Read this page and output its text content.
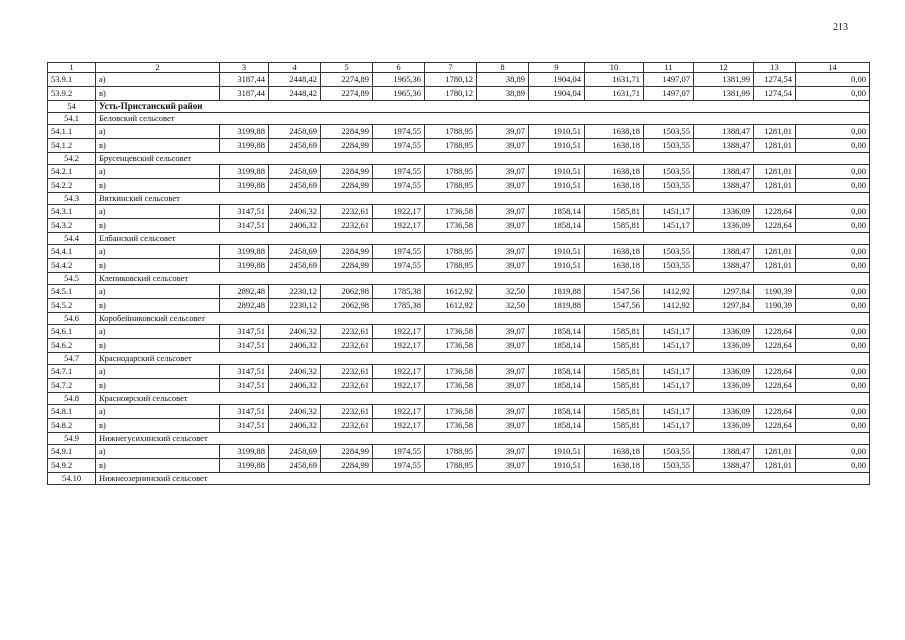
213
1	2	3	4	5	6	7	8	9	10	11	12	13	14
53.9.1	а)	3187,44	2448,42	2274,89	1965,36	1780,12	38,89	1904,04	1631,71	1497,07	1381,99	1274,54	0,00
53.9.2	в)	3187,44	2448,42	2274,89	1965,36	1780,12	38,89	1904,04	1631,71	1497,07	1381,99	1274,54	0,00
54	Усть-Пристанский район												
54.1	Беловский сельсовет												
54.1.1	а)	3199,88	2458,69	2284,99	1974,55	1788,95	39,07	1910,51	1638,18	1503,55	1388,47	1281,01	0,00
54.1.2	в)	3199,88	2458,69	2284,99	1974,55	1788,95	39,07	1910,51	1638,18	1503,55	1388,47	1281,01	0,00
54.2	Брусенцевский сельсовет												
54.2.1	а)	3199,88	2458,69	2284,99	1974,55	1788,95	39,07	1910,51	1638,18	1503,55	1388,47	1281,01	0,00
54.2.2	в)	3199,88	2458,69	2284,99	1974,55	1788,95	39,07	1910,51	1638,18	1503,55	1388,47	1281,01	0,00
54.3	Вяткинский сельсовет												
54.3.1	а)	3147,51	2406,32	2232,61	1922,17	1736,58	39,07	1858,14	1585,81	1451,17	1336,09	1228,64	0,00
54.3.2	в)	3147,51	2406,32	2232,61	1922,17	1736,58	39,07	1858,14	1585,81	1451,17	1336,09	1228,64	0,00
54.4	Елбанский сельсовет												
54.4.1	а)	3199,88	2458,69	2284,99	1974,55	1788,95	39,07	1910,51	1638,18	1503,55	1388,47	1281,01	0,00
54.4.2	в)	3199,88	2458,69	2284,99	1974,55	1788,95	39,07	1910,51	1638,18	1503,55	1388,47	1281,01	0,00
54.5	Клепиковский сельсовет												
54.5.1	а)	2892,48	2230,12	2062,98	1785,38	1612,92	32,50	1819,88	1547,56	1412,92	1297,84	1190,39	0,00
54.5.2	в)	2892,48	2230,12	2062,98	1785,38	1612,92	32,50	1819,88	1547,56	1412,92	1297,84	1190,39	0,00
54.6	Коробейниковский сельсовет												
54.6.1	а)	3147,51	2406,32	2232,61	1922,17	1736,58	39,07	1858,14	1585,81	1451,17	1336,09	1228,64	0,00
54.6.2	в)	3147,51	2406,32	2232,61	1922,17	1736,58	39,07	1858,14	1585,81	1451,17	1336,09	1228,64	0,00
54.7	Краснодарский сельсовет												
54.7.1	а)	3147,51	2406,32	2232,61	1922,17	1736,58	39,07	1858,14	1585,81	1451,17	1336,09	1228,64	0,00
54.7.2	в)	3147,51	2406,32	2232,61	1922,17	1736,58	39,07	1858,14	1585,81	1451,17	1336,09	1228,64	0,00
54.8	Красноярский сельсовет												
54.8.1	а)	3147,51	2406,32	2232,61	1922,17	1736,58	39,07	1858,14	1585,81	1451,17	1336,09	1228,64	0,00
54.8.2	в)	3147,51	2406,32	2232,61	1922,17	1736,58	39,07	1858,14	1585,81	1451,17	1336,09	1228,64	0,00
54.9	Нижнегусихинский сельсовет												
54.9.1	а)	3199,88	2458,69	2284,99	1974,55	1788,95	39,07	1910,51	1638,18	1503,55	1388,47	1281,01	0,00
54.9.2	в)	3199,88	2458,69	2284,99	1974,55	1788,95	39,07	1910,51	1638,18	1503,55	1388,47	1281,01	0,00
54.10	Нижнеозернинский сельсовет												
